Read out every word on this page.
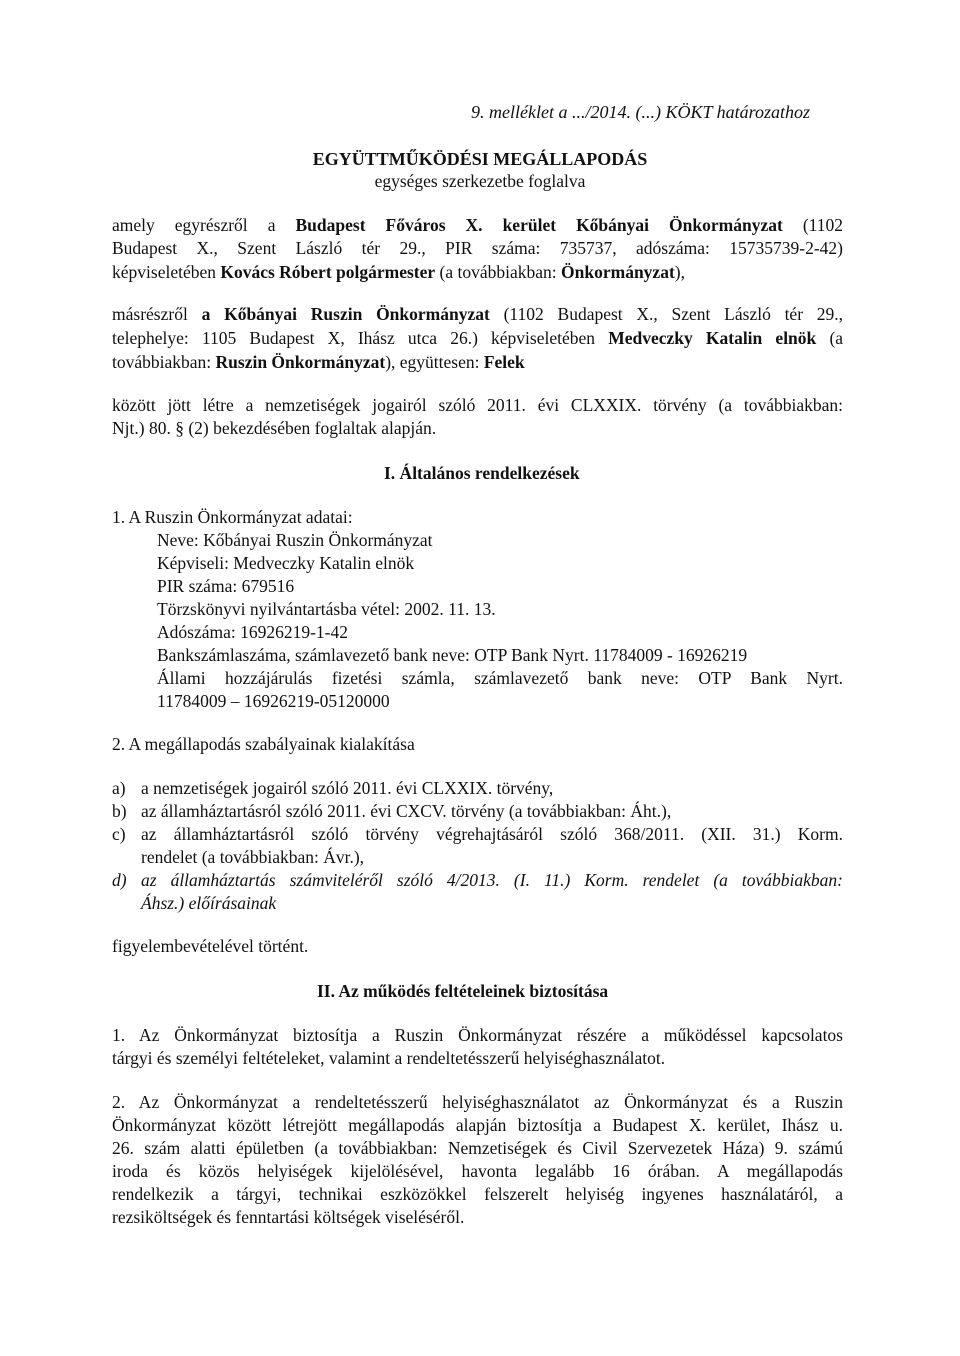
9. melléklet a .../2014. (...) KÖKT határozathoz
EGYÜTTMŰKÖDÉSI MEGÁLLAPODÁS
egységes szerkezetbe foglalva
amely egyrészről a Budapest Főváros X. kerület Kőbányai Önkormányzat (1102
Budapest X., Szent László tér 29., PIR száma: 735737, adószáma: 15735739-2-42)
képviseletében Kovács Róbert polgármester (a továbbiakban: Önkormányzat),
másrészről a Kőbányai Ruszin Önkormányzat (1102 Budapest X., Szent László tér 29.,
telephelye: 1105 Budapest X, Ihász utca 26.) képviseletében Medveczky Katalin elnök (a
továbbiakban: Ruszin Önkormányzat), együttesen: Felek
között jött létre a nemzetiségek jogairól szóló 2011. évi CLXXIX. törvény (a továbbiakban:
Njt.) 80. § (2) bekezdésében foglaltak alapján.
I. Általános rendelkezések
1. A Ruszin Önkormányzat adatai:
Neve: Kőbányai Ruszin Önkormányzat
Képviseli: Medveczky Katalin elnök
PIR száma: 679516
Törzskönyvi nyilvántartásba vétel: 2002. 11. 13.
Adószáma: 16926219-1-42
Bankszámlaszáma, számlavezető bank neve: OTP Bank Nyrt. 11784009 - 16926219
Állami hozzájárulás fizetési számla, számlavezető bank neve: OTP Bank Nyrt.
11784009 – 16926219-05120000
2. A megállapodás szabályainak kialakítása
a) a nemzetiségek jogairól szóló 2011. évi CLXXIX. törvény,
b) az államháztartásról szóló 2011. évi CXCV. törvény (a továbbiakban: Áht.),
c) az államháztartásról szóló törvény végrehajtásáról szóló 368/2011. (XII. 31.) Korm.
rendelet (a továbbiakban: Ávr.),
d) az államháztartás számviteléről szóló 4/2013. (I. 11.) Korm. rendelet (a továbbiakban:
Áhsz.) előírásainak
figyelembevételével történt.
II. Az működés feltételeinek biztosítása
1. Az Önkormányzat biztosítja a Ruszin Önkormányzat részére a működéssel kapcsolatos
tárgyi és személyi feltételeket, valamint a rendeltetésszerű helyiséghasználatot.
2. Az Önkormányzat a rendeltetésszerű helyiséghasználatot az Önkormányzat és a Ruszin
Önkormányzat között létrejött megállapodás alapján biztosítja a Budapest X. kerület, Ihász u.
26. szám alatti épületben (a továbbiakban: Nemzetiségek és Civil Szervezetek Háza) 9. számú
iroda és közös helyiségek kijelölésével, havonta legalább 16 órában. A megállapodás
rendelkezik a tárgyi, technikai eszközökkel felszerelt helyiség ingyenes használatáról, a
rezsiköltségek és fenntartási költségek viseléséről.
